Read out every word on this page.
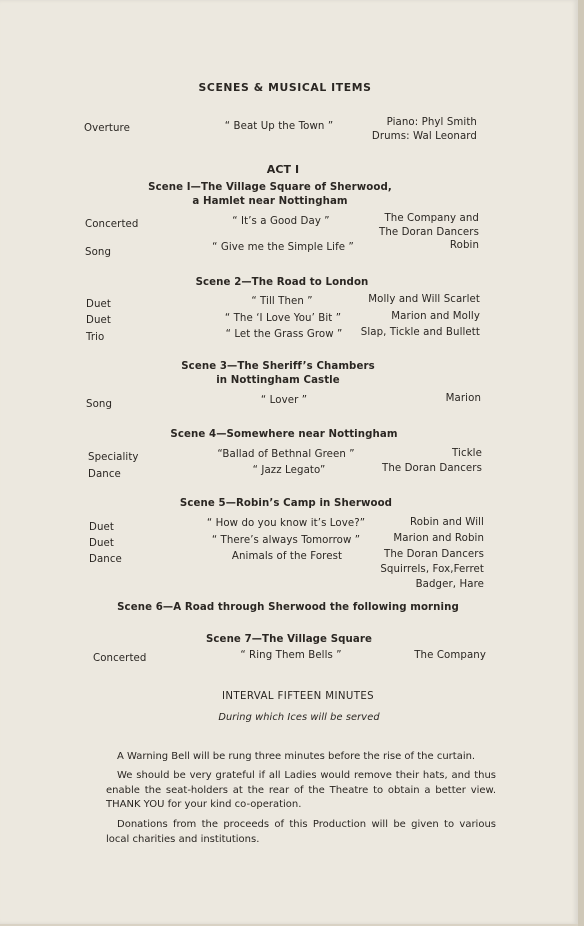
SCENES & MUSICAL ITEMS
Overture	“ Beat Up the Town ”	Piano: Phyl Smith
Drums: Wal Leonard
ACT I
Scene I—The Village Square of Sherwood,
a Hamlet near Nottingham
Concerted	“ It’s a Good Day ”	The Company and
The Doran Dancers
Song	“ Give me the Simple Life ”	Robin
Scene 2—The Road to London
Duet	“ Till Then ”	Molly and Will Scarlet
Duet	“ The ‘I Love You’ Bit ”	Marion and Molly
Trio	“ Let the Grass Grow ” Slap, Tickle and Bullett
Scene 3—The Sheriff’s Chambers
in Nottingham Castle
Song	“ Lover ”	Marion
Scene 4—Somewhere near Nottingham
Speciality	“Ballad of Bethnal Green ”	Tickle
Dance	“ Jazz Legato”	The Doran Dancers
Scene 5—Robin’s Camp in Sherwood
Duet	“ How do you know it’s Love?”	Robin and Will
Duet	“ There’s always Tomorrow ”	Marion and Robin
Dance	Animals of the Forest	The Doran Dancers
Squirrels, Fox,Ferret
Badger, Hare
Scene 6—A Road through Sherwood the following morning
Scene 7—The Village Square
Concerted	“ Ring Them Bells ”	The Company
INTERVAL FIFTEEN MINUTES
During which Ices will be served
A Warning Bell will be rung three minutes before the rise of the curtain.
We should be very grateful if all Ladies would remove their hats, and thus enable the seat-holders at the rear of the Theatre to obtain a better view. THANK YOU for your kind co-operation.
Donations from the proceeds of this Production will be given to various local charities and institutions.
